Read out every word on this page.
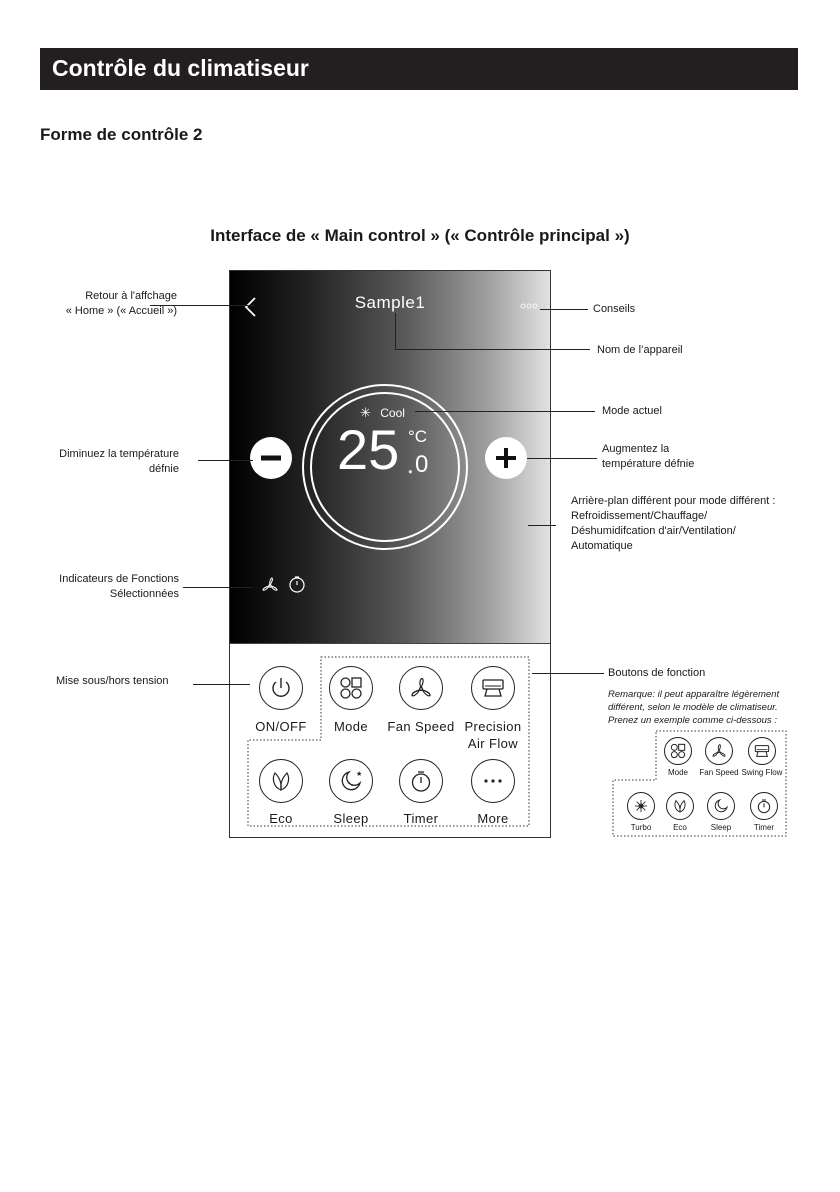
Contrôle du climatiseur
Forme de contrôle 2
Interface de « Main control » (« Contrôle principal »)
Sample1
✳ Cool
25 °C
● 0
ON/OFF	Mode	Fan Speed Precision
Air Flow
Eco
★
Sleep	Timer	More
Retour à l'affchage
« Home » (« Accueil »)	Conseils
Nom de l’appareil
Mode actuel
Diminuez la température
défnie
Augmentez la
température défnie
Arrière-plan différent pour mode différent :
Refroidissement/Chauffage/
Déshumidifcation d'air/Ventilation/
Automatique
Indicateurs de Fonctions
Sélectionnées
Mise sous/hors tension
Boutons de fonction
Remarque: il peut apparaître légèrement
différent, selon le modèle de climatiseur.
Prenez un exemple comme ci-dessous :
Mode	Fan Speed Swing Flow
Turbo	Eco	Sleep	Timer
